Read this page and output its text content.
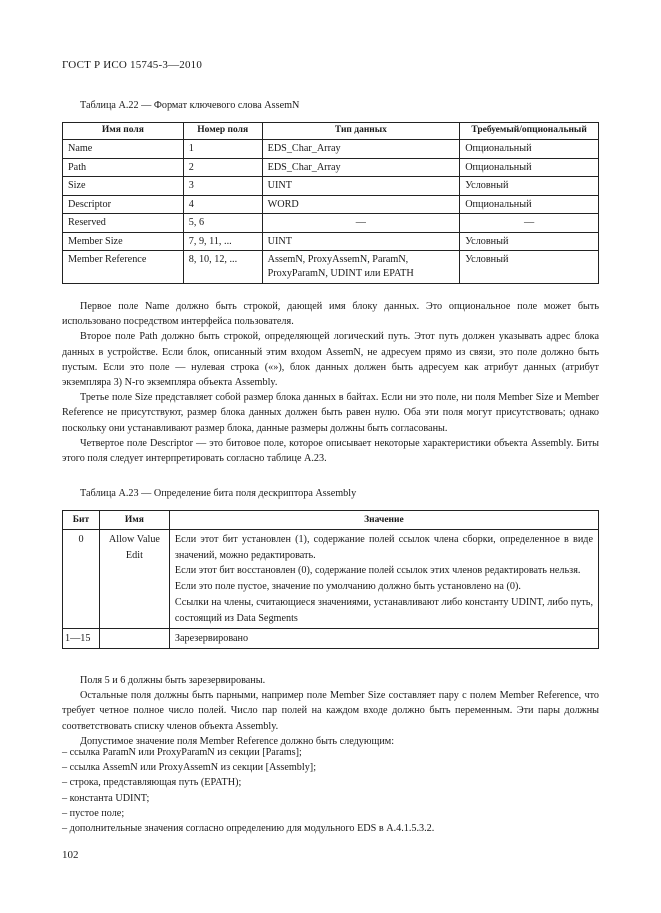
ГОСТ Р ИСО 15745-3—2010
Таблица А.22 — Формат ключевого слова AssemN
Имя поля	Номер поля	Тип данных	Требуемый/опциональный
Name	1	EDS_Char_Array	Опциональный
Path	2	EDS_Char_Array	Опциональный
Size	3	UINT	Условный
Descriptor	4	WORD	Опциональный
Reserved	5, 6	—	—
Member Size	7, 9, 11, ...	UINT	Условный
Member Reference	8, 10, 12, ...	AssemN, ProxyAssemN, ParamN, ProxyParamN, UDINT или EPATH	Условный

Первое поле Name должно быть строкой, дающей имя блоку данных. Это опциональное поле может быть использовано посредством интерфейса пользователя.

Второе поле Path должно быть строкой, определяющей логический путь. Этот путь должен указывать адрес блока данных в устройстве. Если блок, описанный этим входом AssemN, не адресуем прямо из связи, это поле должно быть пустым. Если это поле — нулевая строка («»), блок данных должен быть адресуем как атрибут данных (атрибут экземпляра 3) N-го экземпляра объекта Assembly.

Третье поле Size представляет собой размер блока данных в байтах. Если ни это поле, ни поля Member Size и Member Reference не присутствуют, размер блока данных должен быть равен нулю. Оба эти поля могут присутствовать; однако поскольку они устанавливают размер блока, данные размеры должны быть согласованы.

Четвертое поле Descriptor — это битовое поле, которое описывает некоторые характеристики объекта Assembly. Биты этого поля следует интерпретировать согласно таблице А.23.

Таблица А.23 — Определение бита поля дескриптора Assembly
Бит	Имя	Значение
0	Allow Value Edit	Если этот бит установлен (1), содержание полей ссылок члена сборки, определенное в виде значений, можно редактировать.
Если этот бит восстановлен (0), содержание полей ссылок этих членов редактировать нельзя.
Если это поле пустое, значение по умолчанию должно быть установлено на (0).
Ссылки на члены, считающиеся значениями, устанавливают либо константу UDINT, либо путь, состоящий из Data Segments

1—15		Зарезервировано

Поля 5 и 6 должны быть зарезервированы.

Остальные поля должны быть парными, например поле Member Size составляет пару с полем Member Reference, что требует четное полное число полей. Число пар полей на каждом входе должно быть переменным. Эти пары должны соответствовать списку членов объекта Assembly.

Допустимое значение поля Member Reference должно быть следующим:

– ссылка ParamN или ProxyParamN из секции [Params];

– ссылка AssemN или ProxyAssemN из секции [Assembly];

– строка, представляющая путь (EPATH);

– константа UDINT;

– пустое поле;

– дополнительные значения согласно определению для модульного EDS в А.4.1.5.3.2.

102
